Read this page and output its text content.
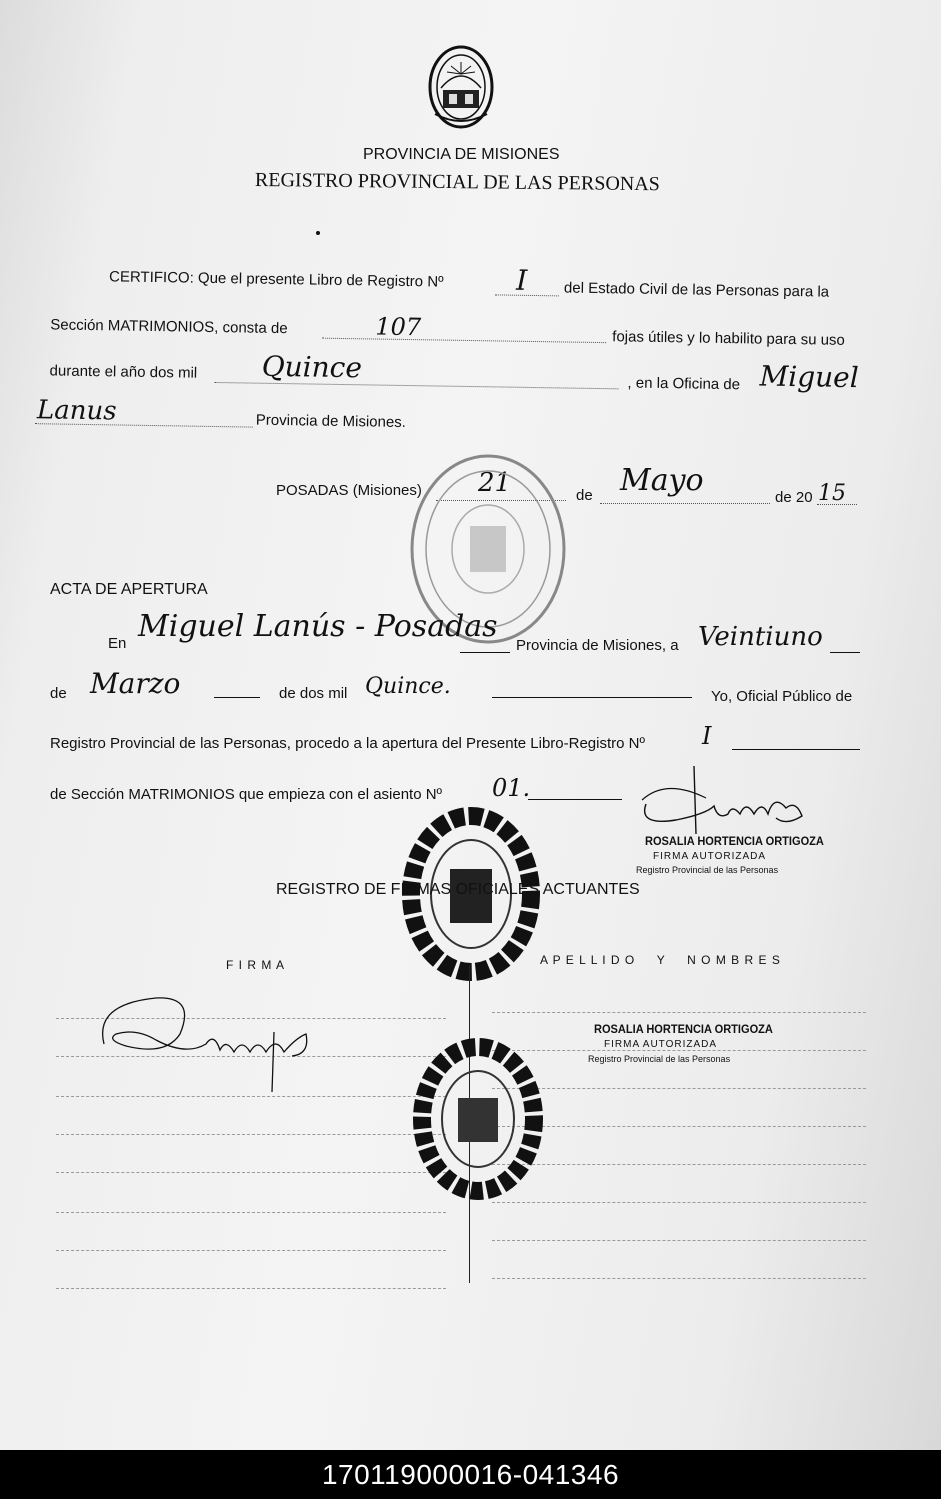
PROVINCIA DE MISIONES
REGISTRO PROVINCIAL DE LAS PERSONAS
CERTIFICO: Que el presente Libro de Registro Nº	I del Estado Civil de las Personas para la
Sección MATRIMONIOS, consta de	107	fojas útiles y lo habilito para su uso
durante el año dos mil Quince	, en la Oficina de Miguel
Lanus	Provincia de Misiones.
POSADAS (Misiones) 21	de Mayo	de 20 15
ACTA DE APERTURA
En Miguel Lanús - Posadas
Provincia de Misiones, a Veintiuno
de Marzo	de dos mil Quince.	Yo, Oficial Público de
Registro Provincial de las Personas, procedo a la apertura del Presente Libro-Registro Nº I
de Sección MATRIMONIOS que empieza con el asiento Nº 01.
ROSALIA HORTENCIA ORTIGOZA
FIRMA AUTORIZADA
Registro Provincial de las Personas
REGISTRO DE FIRMAS OFICIALES ACTUANTES
F I R M A	A P E L L I D O     Y     N O M B R E S
ROSALIA HORTENCIA ORTIGOZA
FIRMA AUTORIZADA
Registro Provincial de las Personas
170119000016-041346
